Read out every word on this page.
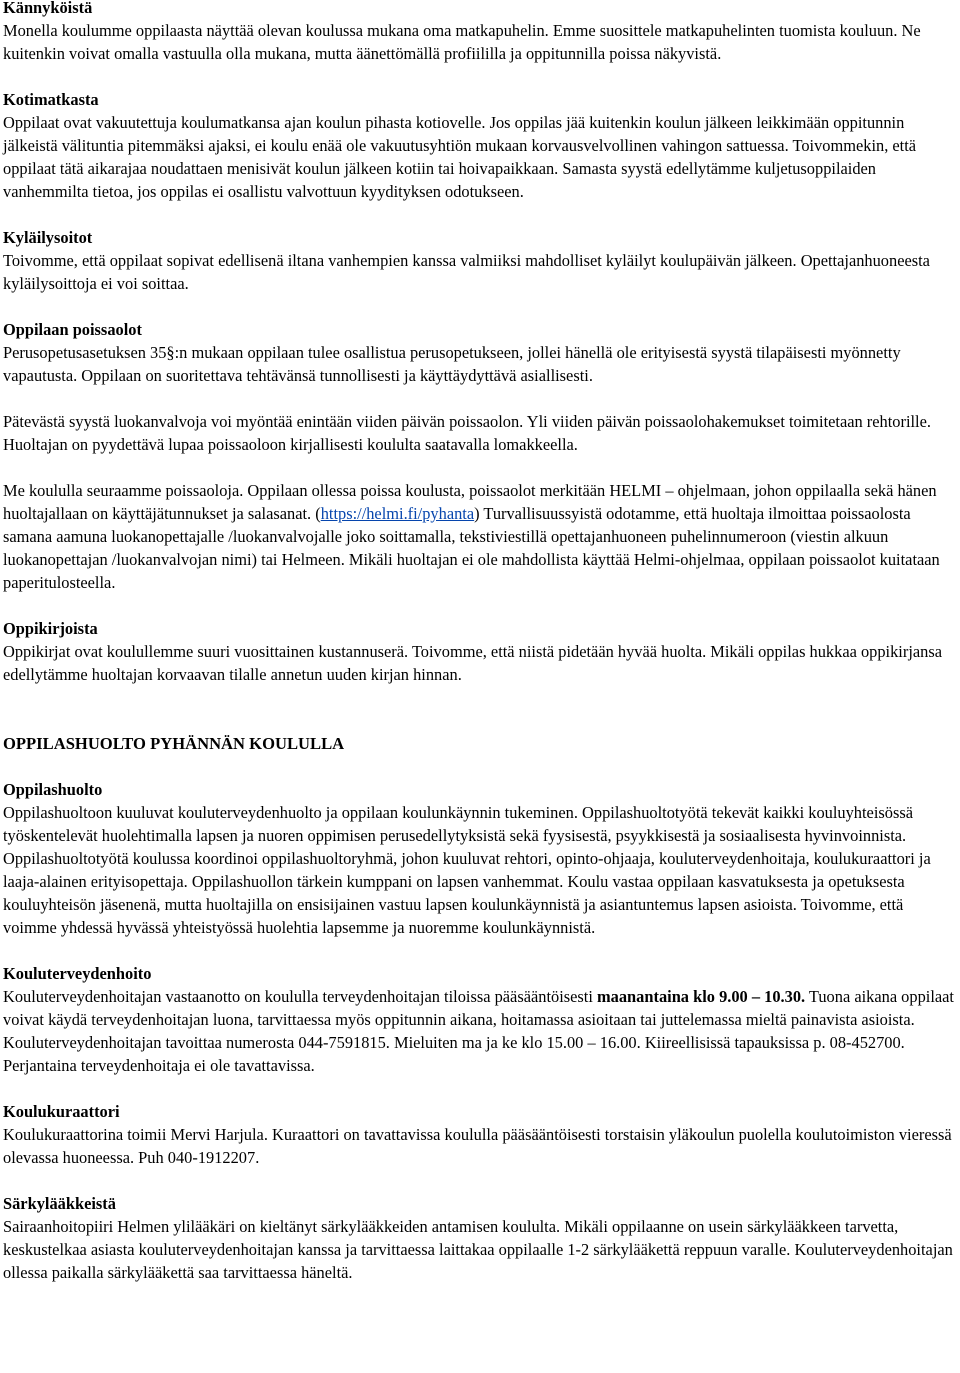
Kännyköistä

Monella koulumme oppilaasta näyttää olevan koulussa mukana oma matkapuhelin. Emme suosittele matkapuhelinten tuomista kouluun. Ne kuitenkin voivat omalla vastuulla olla mukana, mutta äänettömällä profiililla ja oppitunnilla poissa näkyvistä.

Kotimatkasta

Oppilaat ovat vakuutettuja koulumatkansa ajan koulun pihasta kotiovelle. Jos oppilas jää kuitenkin koulun jälkeen leikkimään oppitunnin jälkeistä välituntia pitemmäksi ajaksi, ei koulu enää ole vakuutusyhtiön mukaan korvausvelvollinen vahingon sattuessa. Toivommekin, että oppilaat tätä aikarajaa noudattaen menisivät koulun jälkeen kotiin tai hoivapaikkaan. Samasta syystä edellytämme kuljetusoppilaiden vanhemmilta tietoa, jos oppilas ei osallistu valvottuun kyydityksen odotukseen.

Kyläilysoitot

Toivomme, että oppilaat sopivat edellisenä iltana vanhempien kanssa valmiiksi mahdolliset kyläilyt koulupäivän jälkeen. Opettajanhuoneesta kyläilysoittoja ei voi soittaa.

Oppilaan poissaolot

Perusopetusasetuksen 35§:n mukaan oppilaan tulee osallistua perusopetukseen, jollei hänellä ole erityisestä syystä tilapäisesti myönnetty vapautusta. Oppilaan on suoritettava tehtävänsä tunnollisesti ja käyttäydyttävä asiallisesti.

Pätevästä syystä luokanvalvoja voi myöntää enintään viiden päivän poissaolon. Yli viiden päivän poissaolohakemukset toimitetaan rehtorille. Huoltajan on pyydettävä lupaa poissaoloon kirjallisesti koululta saatavalla lomakkeella.

Me koululla seuraamme poissaoloja. Oppilaan ollessa poissa koulusta, poissaolot merkitään HELMI – ohjelmaan, johon oppilaalla sekä hänen huoltajallaan on käyttäjätunnukset ja salasanat. (https://helmi.fi/pyhanta) Turvallisuussyistä odotamme, että huoltaja ilmoittaa poissaolosta samana aamuna luokanopettajalle /luokanvalvojalle joko soittamalla, tekstiviestillä opettajanhuoneen puhelinnumeroon (viestin alkuun luokanopettajan /luokanvalvojan nimi) tai Helmeen. Mikäli huoltajan ei ole mahdollista käyttää Helmi-ohjelmaa, oppilaan poissaolot kuitataan paperitulosteella.

Oppikirjoista

Oppikirjat ovat koulullemme suuri vuosittainen kustannuserä. Toivomme, että niistä pidetään hyvää huolta. Mikäli oppilas hukkaa oppikirjansa edellytämme huoltajan korvaavan tilalle annetun uuden kirjan hinnan.

OPPILASHUOLTO PYHÄNNÄN KOULULLA

Oppilashuolto

Oppilashuoltoon kuuluvat kouluterveydenhuolto ja oppilaan koulunkäynnin tukeminen. Oppilashuoltotyötä tekevät kaikki kouluyhteisössä työskentelevät huolehtimalla lapsen ja nuoren oppimisen perusedellytyksistä sekä fyysisestä, psyykkisestä ja sosiaalisesta hyvinvoinnista. Oppilashuoltotyötä koulussa koordinoi oppilashuoltoryhmä, johon kuuluvat rehtori, opinto-ohjaaja, kouluterveydenhoitaja, koulukuraattori ja laaja-alainen erityisopettaja. Oppilashuollon tärkein kumppani on lapsen vanhemmat. Koulu vastaa oppilaan kasvatuksesta ja opetuksesta kouluyhteisön jäsenenä, mutta huoltajilla on ensisijainen vastuu lapsen koulunkäynnistä ja asiantuntemus lapsen asioista. Toivomme, että voimme yhdessä hyvässä yhteistyössä huolehtia lapsemme ja nuoremme koulunkäynnistä.

Kouluterveydenhoito

Kouluterveydenhoitajan vastaanotto on koululla terveydenhoitajan tiloissa pääsääntöisesti maanantaina klo 9.00 – 10.30. Tuona aikana oppilaat voivat käydä terveydenhoitajan luona, tarvittaessa myös oppitunnin aikana, hoitamassa asioitaan tai juttelemassa mieltä painavista asioista. Kouluterveydenhoitajan tavoittaa numerosta 044-7591815. Mieluiten ma ja ke klo 15.00 – 16.00. Kiireellisissä tapauksissa p. 08-452700. Perjantaina terveydenhoitaja ei ole tavattavissa.

Koulukuraattori

Koulukuraattorina toimii Mervi Harjula. Kuraattori on tavattavissa koululla pääsääntöisesti torstaisin yläkoulun puolella koulutoimiston vieressä olevassa huoneessa. Puh 040-1912207.

Särkylääkkeistä

Sairaanhoitopiiri Helmen ylilääkäri on kieltänyt särkylääkkeiden antamisen koululta. Mikäli oppilaanne on usein särkylääkkeen tarvetta, keskustelkaa asiasta kouluterveydenhoitajan kanssa ja tarvittaessa laittakaa oppilaalle 1-2 särkylääkettä reppuun varalle. Kouluterveydenhoitajan ollessa paikalla särkylääkettä saa tarvittaessa häneltä.
